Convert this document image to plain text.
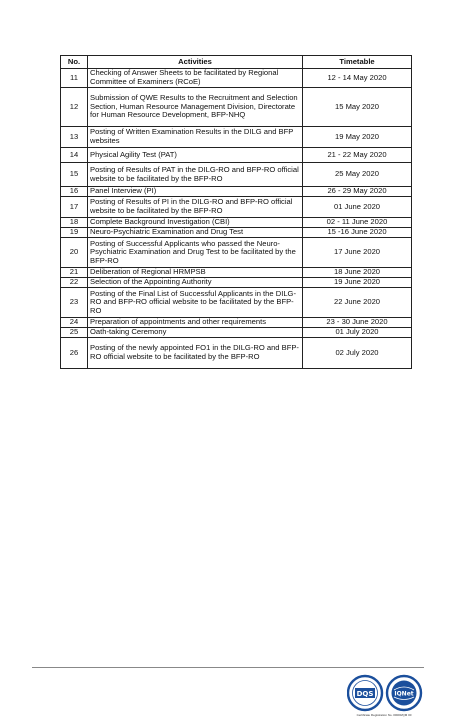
No.	Activities	Timetable
11	Checking of Answer Sheets to be facilitated by Regional Committee of Examiners (RCoE)	12 - 14 May 2020
12	Submission of QWE Results to the Recruitment and Selection Section, Human Resource Management Division, Directorate for Human Resource Development, BFP-NHQ	15 May 2020
13	Posting of Written Examination Results in the DILG and BFP websites	19 May 2020
14	Physical Agility Test (PAT)	21 - 22 May 2020
15	Posting of Results of PAT in the DILG-RO and BFP-RO official website to be facilitated by the BFP-RO	25 May 2020
16	Panel Interview (PI)	26 - 29 May 2020
17	Posting of Results of PI in the DILG-RO and BFP-RO official website to be facilitated by the BFP-RO	01 June 2020
18	Complete Background Investigation (CBI)	02 - 11 June 2020
19	Neuro-Psychiatric Examination and Drug Test	15 -16 June 2020
20	Posting of Successful Applicants who passed the Neuro-Psychiatric Examination and Drug Test to be facilitated by the BFP-RO	17 June 2020
21	Deliberation of Regional HRMPSB	18 June 2020
22	Selection of the Appointing Authority	19 June 2020
23	Posting of the Final List of Successful Applicants in the DILG-RO and BFP-RO official website to be facilitated by the BFP-RO	22 June 2020
24	Preparation of appointments and other requirements	23 - 30 June 2020
25	Oath-taking Ceremony	01 July 2020
26	Posting of the newly appointed FO1 in the DILG-RO and BFP-RO official website to be facilitated by the BFP-RO	02 July 2020
DQS	IQNet
Certificate Registration No. 00000/QM 00
